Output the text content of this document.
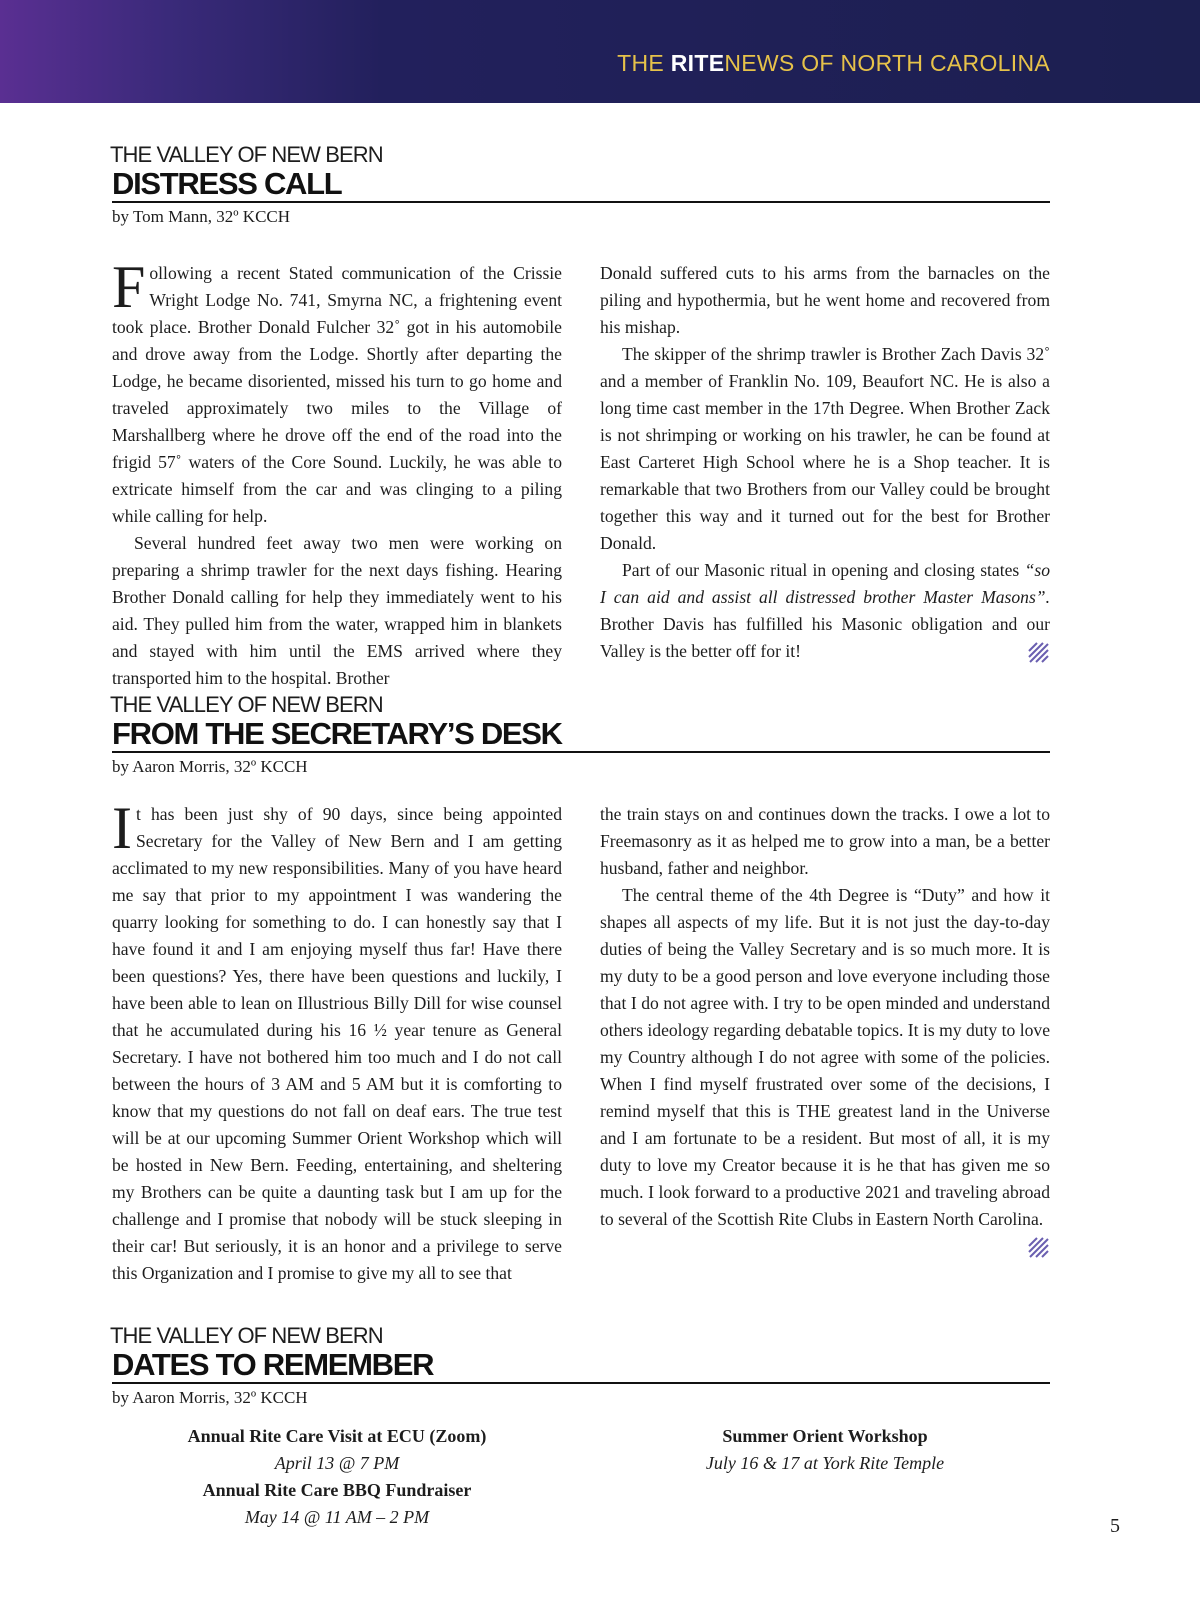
THE RITENEWS OF NORTH CAROLINA
THE VALLEY OF NEW BERN
DISTRESS CALL
by Tom Mann, 32º KCCH

Following a recent Stated communication of the Crissie Wright Lodge No. 741, Smyrna NC, a frightening event took place. Brother Donald Fulcher 32˚ got in his automobile and drove away from the Lodge. Shortly after departing the Lodge, he became disoriented, missed his turn to go home and traveled approximately two miles to the Village of Marshallberg where he drove off the end of the road into the frigid 57˚ waters of the Core Sound. Luckily, he was able to extricate himself from the car and was clinging to a piling while calling for help.

Several hundred feet away two men were working on preparing a shrimp trawler for the next days fishing. Hearing Brother Donald calling for help they immediately went to his aid. They pulled him from the water, wrapped him in blankets and stayed with him until the EMS arrived where they transported him to the hospital. Brother

Donald suffered cuts to his arms from the barnacles on the piling and hypothermia, but he went home and recovered from his mishap.

The skipper of the shrimp trawler is Brother Zach Davis 32˚ and a member of Franklin No. 109, Beaufort NC. He is also a long time cast member in the 17th Degree. When Brother Zack is not shrimping or working on his trawler, he can be found at East Carteret High School where he is a Shop teacher. It is remarkable that two Brothers from our Valley could be brought together this way and it turned out for the best for Brother Donald.

Part of our Masonic ritual in opening and closing states “so I can aid and assist all distressed brother Master Masons”. Brother Davis has fulfilled his Masonic obligation and our Valley is the better off for it!

THE VALLEY OF NEW BERN
FROM THE SECRETARY’S DESK
by Aaron Morris, 32º KCCH

It has been just shy of 90 days, since being appointed Secretary for the Valley of New Bern and I am getting acclimated to my new responsibilities. Many of you have heard me say that prior to my appointment I was wandering the quarry looking for something to do. I can honestly say that I have found it and I am enjoying myself thus far! Have there been questions? Yes, there have been questions and luckily, I have been able to lean on Illustrious Billy Dill for wise counsel that he accumulated during his 16 ½ year tenure as General Secretary. I have not bothered him too much and I do not call between the hours of 3 AM and 5 AM but it is comforting to know that my questions do not fall on deaf ears. The true test will be at our upcoming Summer Orient Workshop which will be hosted in New Bern. Feeding, entertaining, and sheltering my Brothers can be quite a daunting task but I am up for the challenge and I promise that nobody will be stuck sleeping in their car! But seriously, it is an honor and a privilege to serve this Organization and I promise to give my all to see that

the train stays on and continues down the tracks. I owe a lot to Freemasonry as it as helped me to grow into a man, be a better husband, father and neighbor.

The central theme of the 4th Degree is “Duty” and how it shapes all aspects of my life. But it is not just the day-to-day duties of being the Valley Secretary and is so much more. It is my duty to be a good person and love everyone including those that I do not agree with. I try to be open minded and understand others ideology regarding debatable topics. It is my duty to love my Country although I do not agree with some of the policies. When I find myself frustrated over some of the decisions, I remind myself that this is THE greatest land in the Universe and I am fortunate to be a resident. But most of all, it is my duty to love my Creator because it is he that has given me so much. I look forward to a productive 2021 and traveling abroad to several of the Scottish Rite Clubs in Eastern North Carolina.

THE VALLEY OF NEW BERN
DATES TO REMEMBER
by Aaron Morris, 32º KCCH
Annual Rite Care Visit at ECU (Zoom)
April 13 @ 7 PM
Annual Rite Care BBQ Fundraiser
May 14 @ 11 AM – 2 PM
Summer Orient Workshop
July 16 & 17 at York Rite Temple
5
